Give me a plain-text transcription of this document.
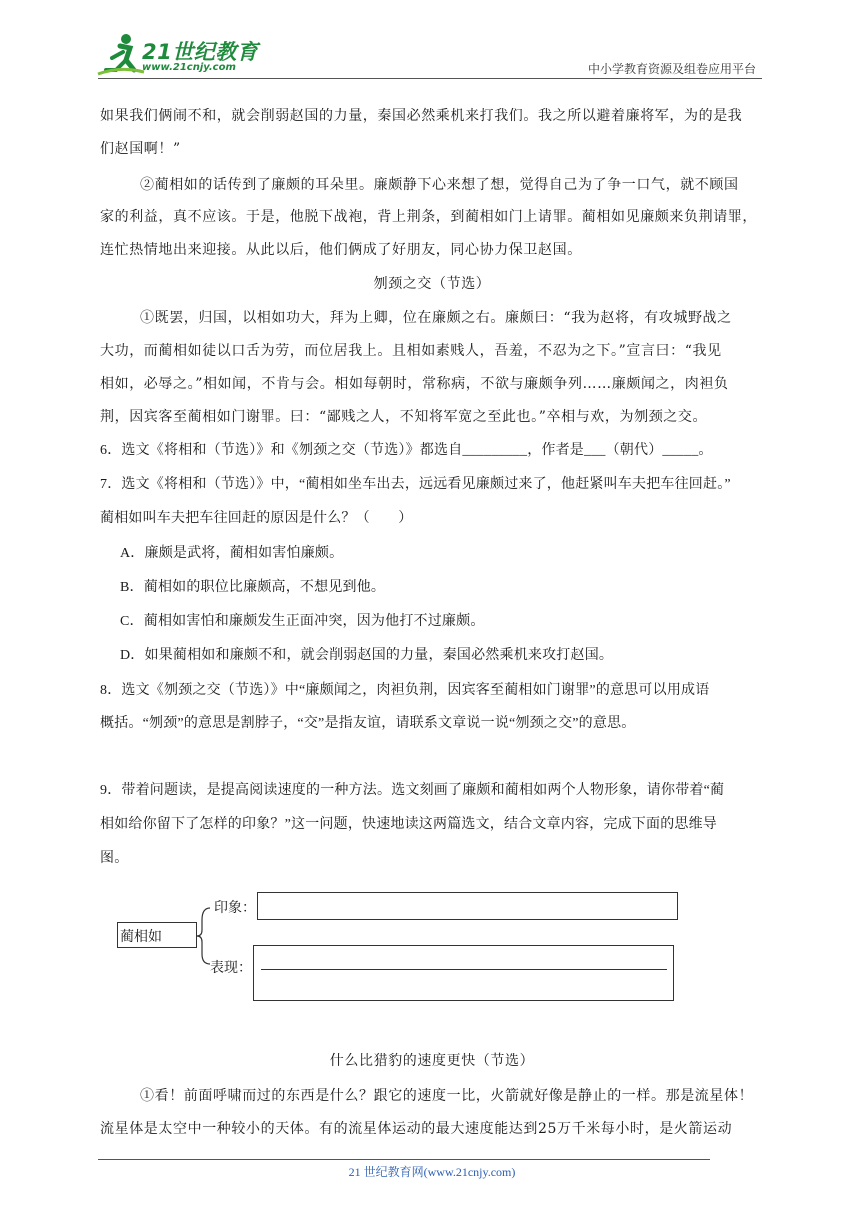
21世纪教育
www.21cnjy.com	中小学教育资源及组卷应用平台
如果我们俩闹不和，就会削弱赵国的力量，秦国必然乘机来打我们。我之所以避着廉将军，为的是我
们赵国啊！”
②蔺相如的话传到了廉颇的耳朵里。廉颇静下心来想了想，觉得自己为了争一口气，就不顾国
家的利益，真不应该。于是，他脱下战袍，背上荆条，到蔺相如门上请罪。蔺相如见廉颇来负荆请罪，
连忙热情地出来迎接。从此以后，他们俩成了好朋友，同心协力保卫赵国。
刎颈之交（节选）
①既罢，归国，以相如功大，拜为上卿，位在廉颇之右。廉颇曰：“我为赵将，有攻城野战之
大功，而蔺相如徒以口舌为劳，而位居我上。且相如素贱人，吾羞，不忍为之下。”宣言曰：“我见
相如，必辱之。”相如闻，不肯与会。相如每朝时，常称病，不欲与廉颇争列……廉颇闻之，肉袒负
荆，因宾客至蔺相如门谢罪。曰：“鄙贱之人，不知将军宽之至此也。”卒相与欢，为刎颈之交。
6．选文《将相和（节选）》和《刎颈之交（节选）》都选自_________，作者是___（朝代）_____。
7．选文《将相和（节选）》中，“蔺相如坐车出去，远远看见廉颇过来了，他赶紧叫车夫把车往回赶。”
蔺相如叫车夫把车往回赶的原因是什么？（　　）
A．廉颇是武将，蔺相如害怕廉颇。
B．蔺相如的职位比廉颇高，不想见到他。
C．蔺相如害怕和廉颇发生正面冲突，因为他打不过廉颇。
D．如果蔺相如和廉颇不和，就会削弱赵国的力量，秦国必然乘机来攻打赵国。
8．选文《刎颈之交（节选）》中“廉颇闻之，肉袒负荆，因宾客至蔺相如门谢罪”的意思可以用成语
概括。“刎颈”的意思是割脖子，“交”是指友谊，请联系文章说一说“刎颈之交”的意思。
9．带着问题读，是提高阅读速度的一种方法。选文刻画了廉颇和蔺相如两个人物形象，请你带着“蔺
相如给你留下了怎样的印象？”这一问题，快速地读这两篇选文，结合文章内容，完成下面的思维导
图。
蔺相如
印象：
表现：
什么比猎豹的速度更快（节选）
①看！前面呼啸而过的东西是什么？跟它的速度一比，火箭就好像是静止的一样。那是流星体！
流星体是太空中一种较小的天体。有的流星体运动的最大速度能达到25万千米每小时，是火箭运动
21 世纪教育网(www.21cnjy.com)
